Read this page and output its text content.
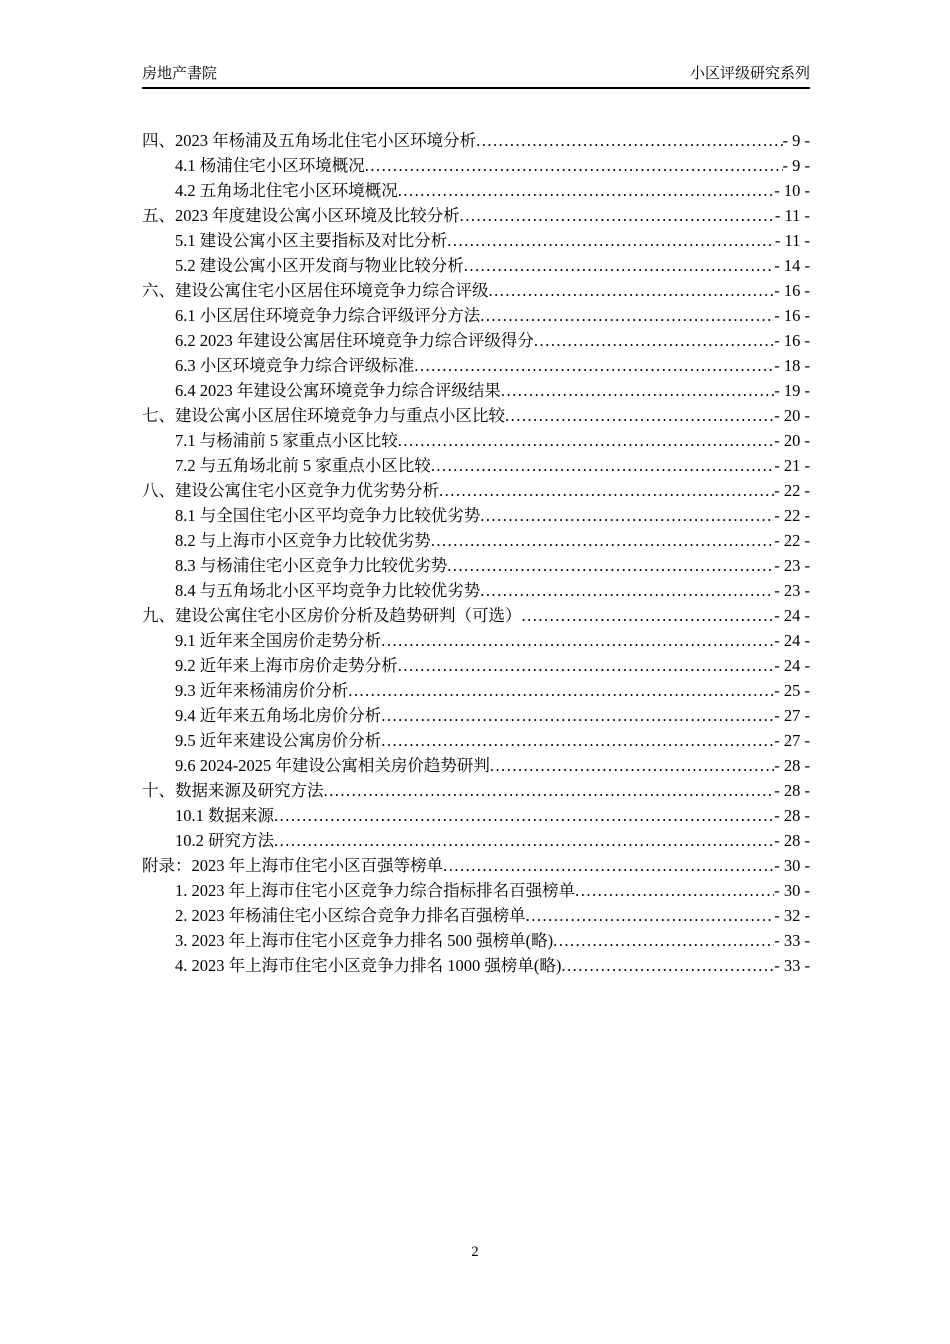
房地产書院	小区评级研究系列
四、2023 年杨浦及五角场北住宅小区环境分析 .....	- 9 -
4.1 杨浦住宅小区环境概况 .....	- 9 -
4.2 五角场北住宅小区环境概况 .....	- 10 -
五、2023 年度建设公寓小区环境及比较分析 .....	- 11 -
5.1 建设公寓小区主要指标及对比分析 .....	- 11 -
5.2 建设公寓小区开发商与物业比较分析 .....	- 14 -
六、建设公寓住宅小区居住环境竞争力综合评级 .....	- 16 -
6.1 小区居住环境竞争力综合评级评分方法 .....	- 16 -
6.2 2023 年建设公寓居住环境竞争力综合评级得分 .....	- 16 -
6.3 小区环境竞争力综合评级标准 .....	- 18 -
6.4 2023 年建设公寓环境竞争力综合评级结果 .....	- 19 -
七、建设公寓小区居住环境竞争力与重点小区比较 .....	- 20 -
7.1 与杨浦前 5 家重点小区比较 .....	- 20 -
7.2 与五角场北前 5 家重点小区比较 .....	- 21 -
八、建设公寓住宅小区竞争力优劣势分析 .....	- 22 -
8.1 与全国住宅小区平均竞争力比较优劣势 .....	- 22 -
8.2 与上海市小区竞争力比较优劣势 .....	- 22 -
8.3 与杨浦住宅小区竞争力比较优劣势 .....	- 23 -
8.4 与五角场北小区平均竞争力比较优劣势 .....	- 23 -
九、建设公寓住宅小区房价分析及趋势研判（可选） .....	- 24 -
9.1 近年来全国房价走势分析 .....	- 24 -
9.2 近年来上海市房价走势分析 .....	- 24 -
9.3 近年来杨浦房价分析 .....	- 25 -
9.4 近年来五角场北房价分析 .....	- 27 -
9.5 近年来建设公寓房价分析 .....	- 27 -
9.6 2024-2025 年建设公寓相关房价趋势研判 .....	- 28 -
十、数据来源及研究方法 .....	- 28 -
10.1 数据来源 .....	- 28 -
10.2 研究方法 .....	- 28 -
附录：2023 年上海市住宅小区百强等榜单 .....	- 30 -
1. 2023 年上海市住宅小区竞争力综合指标排名百强榜单 .....	- 30 -
2. 2023 年杨浦住宅小区综合竞争力排名百强榜单 .....	- 32 -
3. 2023 年上海市住宅小区竞争力排名 500 强榜单(略) .....	- 33 -
4. 2023 年上海市住宅小区竞争力排名 1000 强榜单(略) .....	- 33 -
2
